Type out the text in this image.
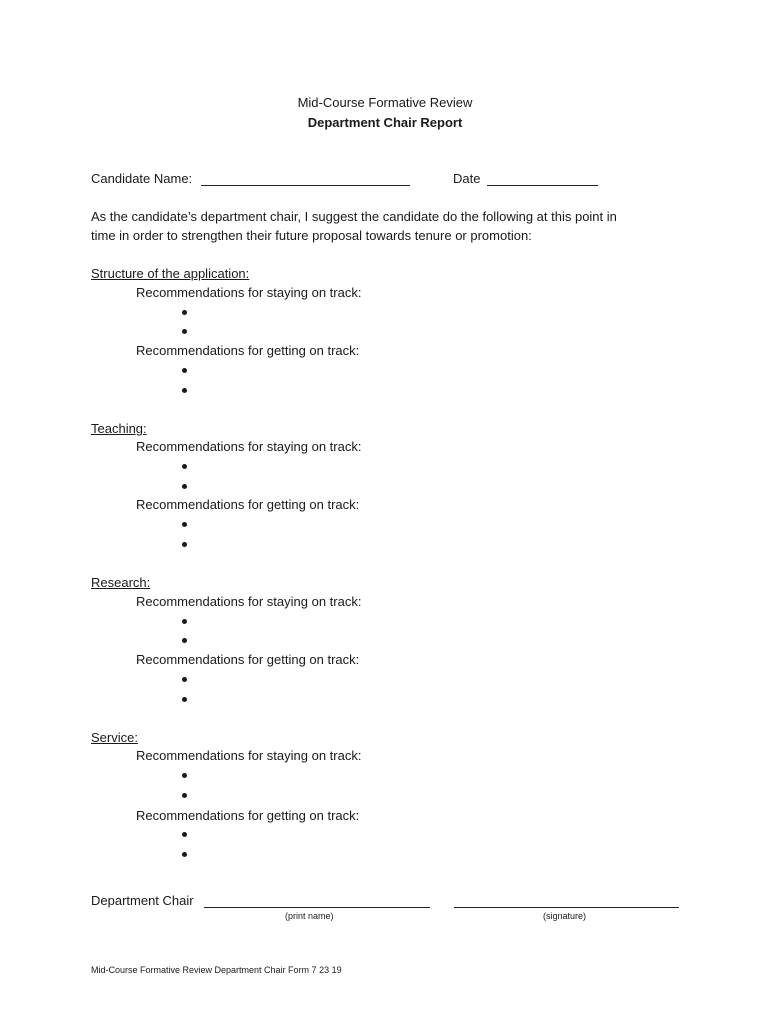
Mid-Course Formative Review
Department Chair Report
Candidate Name:	Date
As the candidate’s department chair, I suggest the candidate do the following at this point in
time in order to strengthen their future proposal towards tenure or promotion:
Structure of the application:
Recommendations for staying on track:
Recommendations for getting on track:
Teaching:
Recommendations for staying on track:
Recommendations for getting on track:
Research:
Recommendations for staying on track:
Recommendations for getting on track:
Service:
Recommendations for staying on track:
Recommendations for getting on track:
Department Chair
(print name)	(signature)
Mid-Course Formative Review Department Chair Form 7 23 19
